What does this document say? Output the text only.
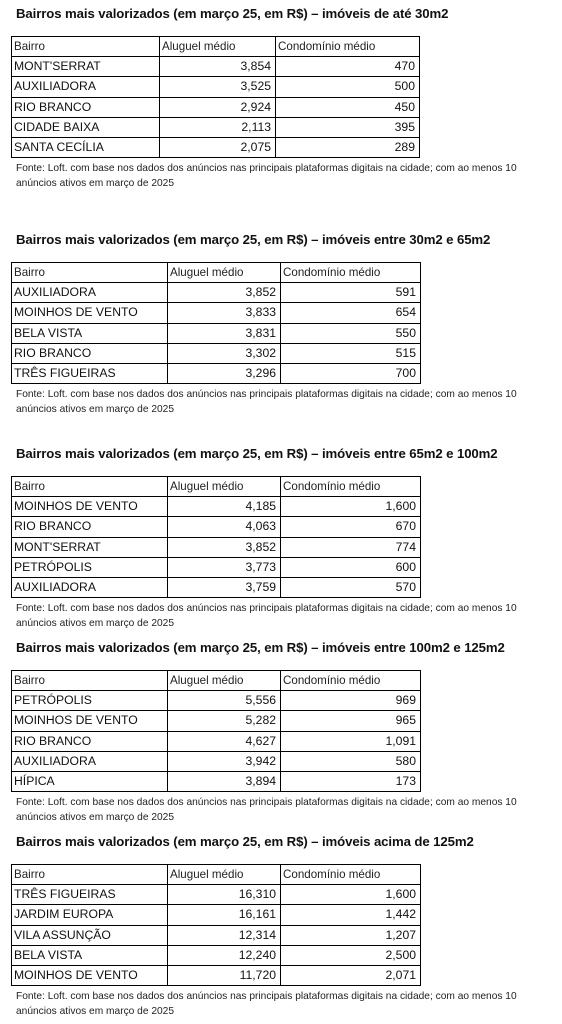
Bairros mais valorizados (em março 25, em R$) – imóveis de até 30m2
Bairro	Aluguel médio	Condomínio médio
MONT'SERRAT	3,854	470
AUXILIADORA	3,525	500
RIO BRANCO	2,924	450
CIDADE BAIXA	2,113	395
SANTA CECÍLIA	2,075	289
Fonte: Loft. com base nos dados dos anúncios nas principais plataformas digitais na cidade; com ao menos 10 anúncios ativos em março de 2025
Bairros mais valorizados (em março 25, em R$) – imóveis entre 30m2 e 65m2
Bairro	Aluguel médio	Condomínio médio
AUXILIADORA	3,852	591
MOINHOS DE VENTO	3,833	654
BELA VISTA	3,831	550
RIO BRANCO	3,302	515
TRÊS FIGUEIRAS	3,296	700
Fonte: Loft. com base nos dados dos anúncios nas principais plataformas digitais na cidade; com ao menos 10 anúncios ativos em março de 2025
Bairros mais valorizados (em março 25, em R$) – imóveis entre 65m2 e 100m2
Bairro	Aluguel médio	Condomínio médio
MOINHOS DE VENTO	4,185	1,600
RIO BRANCO	4,063	670
MONT'SERRAT	3,852	774
PETRÓPOLIS	3,773	600
AUXILIADORA	3,759	570
Fonte: Loft. com base nos dados dos anúncios nas principais plataformas digitais na cidade; com ao menos 10 anúncios ativos em março de 2025
Bairros mais valorizados (em março 25, em R$) – imóveis entre 100m2 e 125m2
Bairro	Aluguel médio	Condomínio médio
PETRÓPOLIS	5,556	969
MOINHOS DE VENTO	5,282	965
RIO BRANCO	4,627	1,091
AUXILIADORA	3,942	580
HÍPICA	3,894	173
Fonte: Loft. com base nos dados dos anúncios nas principais plataformas digitais na cidade; com ao menos 10 anúncios ativos em março de 2025
Bairros mais valorizados (em março 25, em R$) – imóveis acima de 125m2
Bairro	Aluguel médio	Condomínio médio
TRÊS FIGUEIRAS	16,310	1,600
JARDIM EUROPA	16,161	1,442
VILA ASSUNÇÃO	12,314	1,207
BELA VISTA	12,240	2,500
MOINHOS DE VENTO	11,720	2,071
Fonte: Loft. com base nos dados dos anúncios nas principais plataformas digitais na cidade; com ao menos 10 anúncios ativos em março de 2025
